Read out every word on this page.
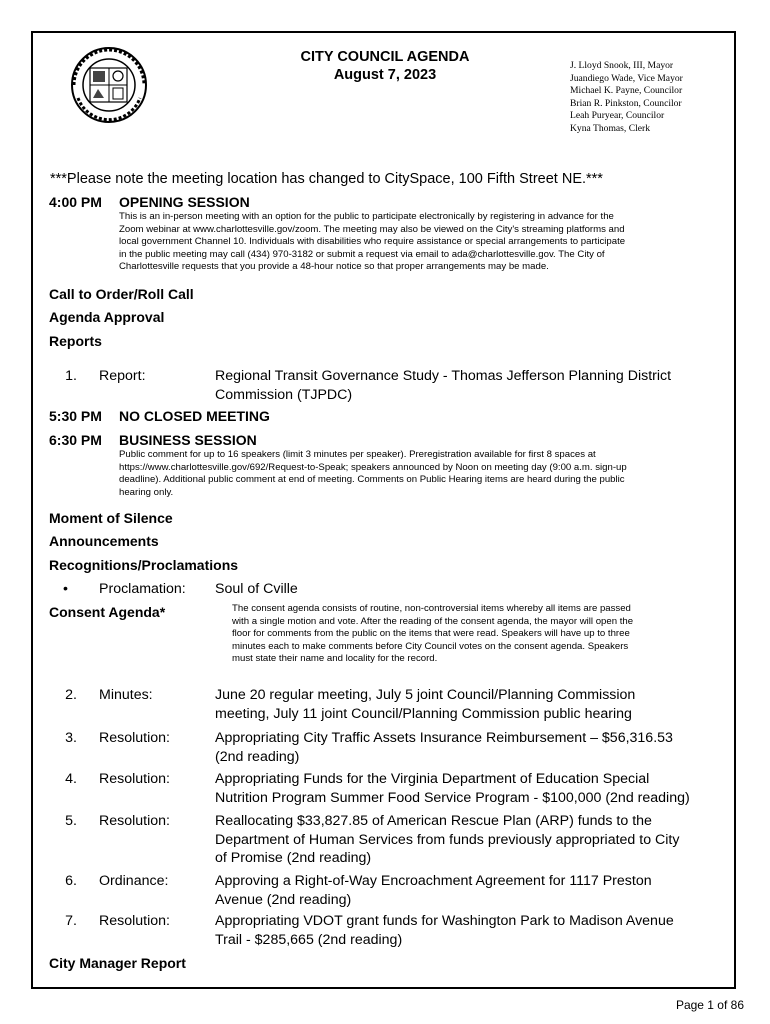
CITY COUNCIL AGENDA
August 7, 2023
J. Lloyd Snook, III, Mayor
Juandiego Wade, Vice Mayor
Michael K. Payne, Councilor
Brian R. Pinkston, Councilor
Leah Puryear, Councilor
Kyna Thomas, Clerk
***Please note the meeting location has changed to CitySpace, 100 Fifth Street NE.***
4:00 PM OPENING SESSION
This is an in-person meeting with an option for the public to participate electronically by registering in advance for the
Zoom webinar at www.charlottesville.gov/zoom. The meeting may also be viewed on the City's streaming platforms and
local government Channel 10. Individuals with disabilities who require assistance or special arrangements to participate
in the public meeting may call (434) 970-3182 or submit a request via email to ada@charlottesville.gov. The City of
Charlottesville requests that you provide a 48-hour notice so that proper arrangements may be made.
Call to Order/Roll Call
Agenda Approval
Reports
1. Report:	Regional Transit Governance Study - Thomas Jefferson Planning District
Commission (TJPDC)
5:30 PM NO CLOSED MEETING
6:30 PM BUSINESS SESSION
Public comment for up to 16 speakers (limit 3 minutes per speaker). Preregistration available for first 8 spaces at
https://www.charlottesville.gov/692/Request-to-Speak; speakers announced by Noon on meeting day (9:00 a.m. sign-up
deadline). Additional public comment at end of meeting. Comments on Public Hearing items are heard during the public
hearing only.
Moment of Silence
Announcements
Recognitions/Proclamations
• Proclamation: Soul of Cville
Consent Agenda*	The consent agenda consists of routine, non-controversial items whereby all items are passed
with a single motion and vote. After the reading of the consent agenda, the mayor will open the
floor for comments from the public on the items that were read. Speakers will have up to three
minutes each to make comments before City Council votes on the consent agenda. Speakers
must state their name and locality for the record.
2. Minutes:	June 20 regular meeting, July 5 joint Council/Planning Commission
meeting, July 11 joint Council/Planning Commission public hearing
3. Resolution:	Appropriating City Traffic Assets Insurance Reimbursement – $56,316.53
(2nd reading)
4. Resolution:	Appropriating Funds for the Virginia Department of Education Special
Nutrition Program Summer Food Service Program - $100,000 (2nd reading)
5. Resolution:	Reallocating $33,827.85 of American Rescue Plan (ARP) funds to the
Department of Human Services from funds previously appropriated to City
of Promise (2nd reading)
6. Ordinance:	Approving a Right-of-Way Encroachment Agreement for 1117 Preston
Avenue (2nd reading)
7. Resolution:	Appropriating VDOT grant funds for Washington Park to Madison Avenue
Trail - $285,665 (2nd reading)
City Manager Report
Page 1 of 86
